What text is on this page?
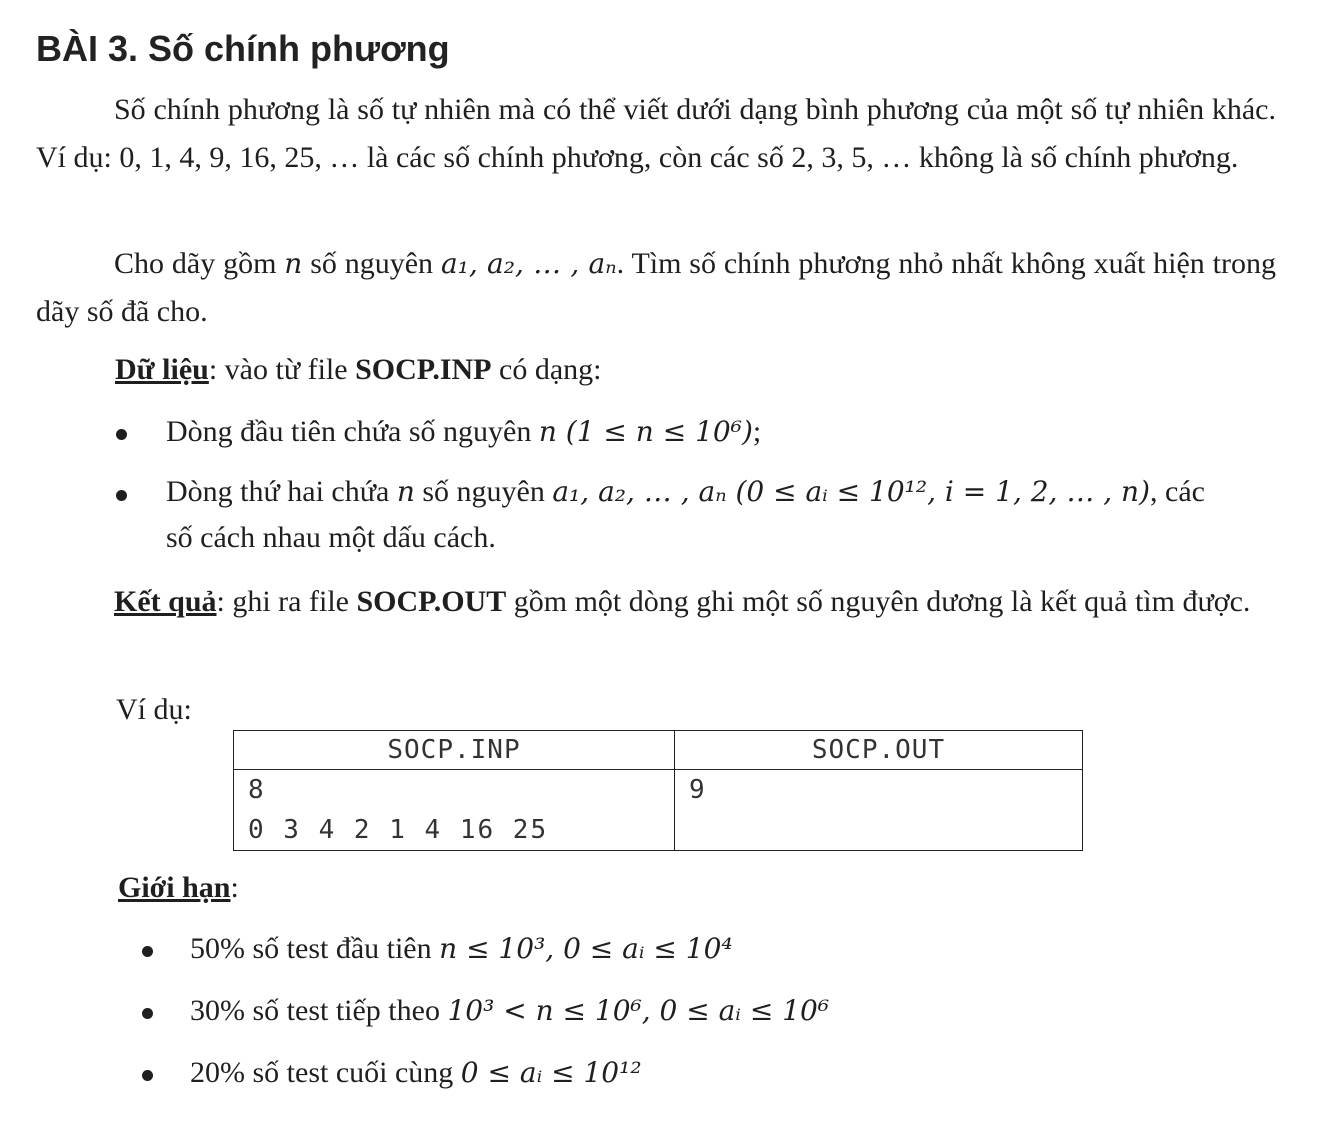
BÀI 3. Số chính phương

Số chính phương là số tự nhiên mà có thể viết dưới dạng bình phương của một số tự nhiên khác. Ví dụ: 0, 1, 4, 9, 16, 25, … là các số chính phương, còn các số 2, 3, 5, … không là số chính phương.

Cho dãy gồm n số nguyên a₁, a₂, … , aₙ. Tìm số chính phương nhỏ nhất không xuất hiện trong dãy số đã cho.

Dữ liệu: vào từ file SOCP.INP có dạng:

Dòng đầu tiên chứa số nguyên n (1 ≤ n ≤ 10⁶);

Dòng thứ hai chứa n số nguyên a₁, a₂, … , aₙ (0 ≤ aᵢ ≤ 10¹², i = 1, 2, … , n), các

số cách nhau một dấu cách.

Kết quả: ghi ra file SOCP.OUT gồm một dòng ghi một số nguyên dương là kết quả tìm được.

Ví dụ:

SOCP.INP	SOCP.OUT

8
0 3 4 2 1 4 16 25	9

Giới hạn:

50% số test đầu tiên n ≤ 10³, 0 ≤ aᵢ ≤ 10⁴

30% số test tiếp theo 10³ < n ≤ 10⁶, 0 ≤ aᵢ ≤ 10⁶

20% số test cuối cùng 0 ≤ aᵢ ≤ 10¹²
